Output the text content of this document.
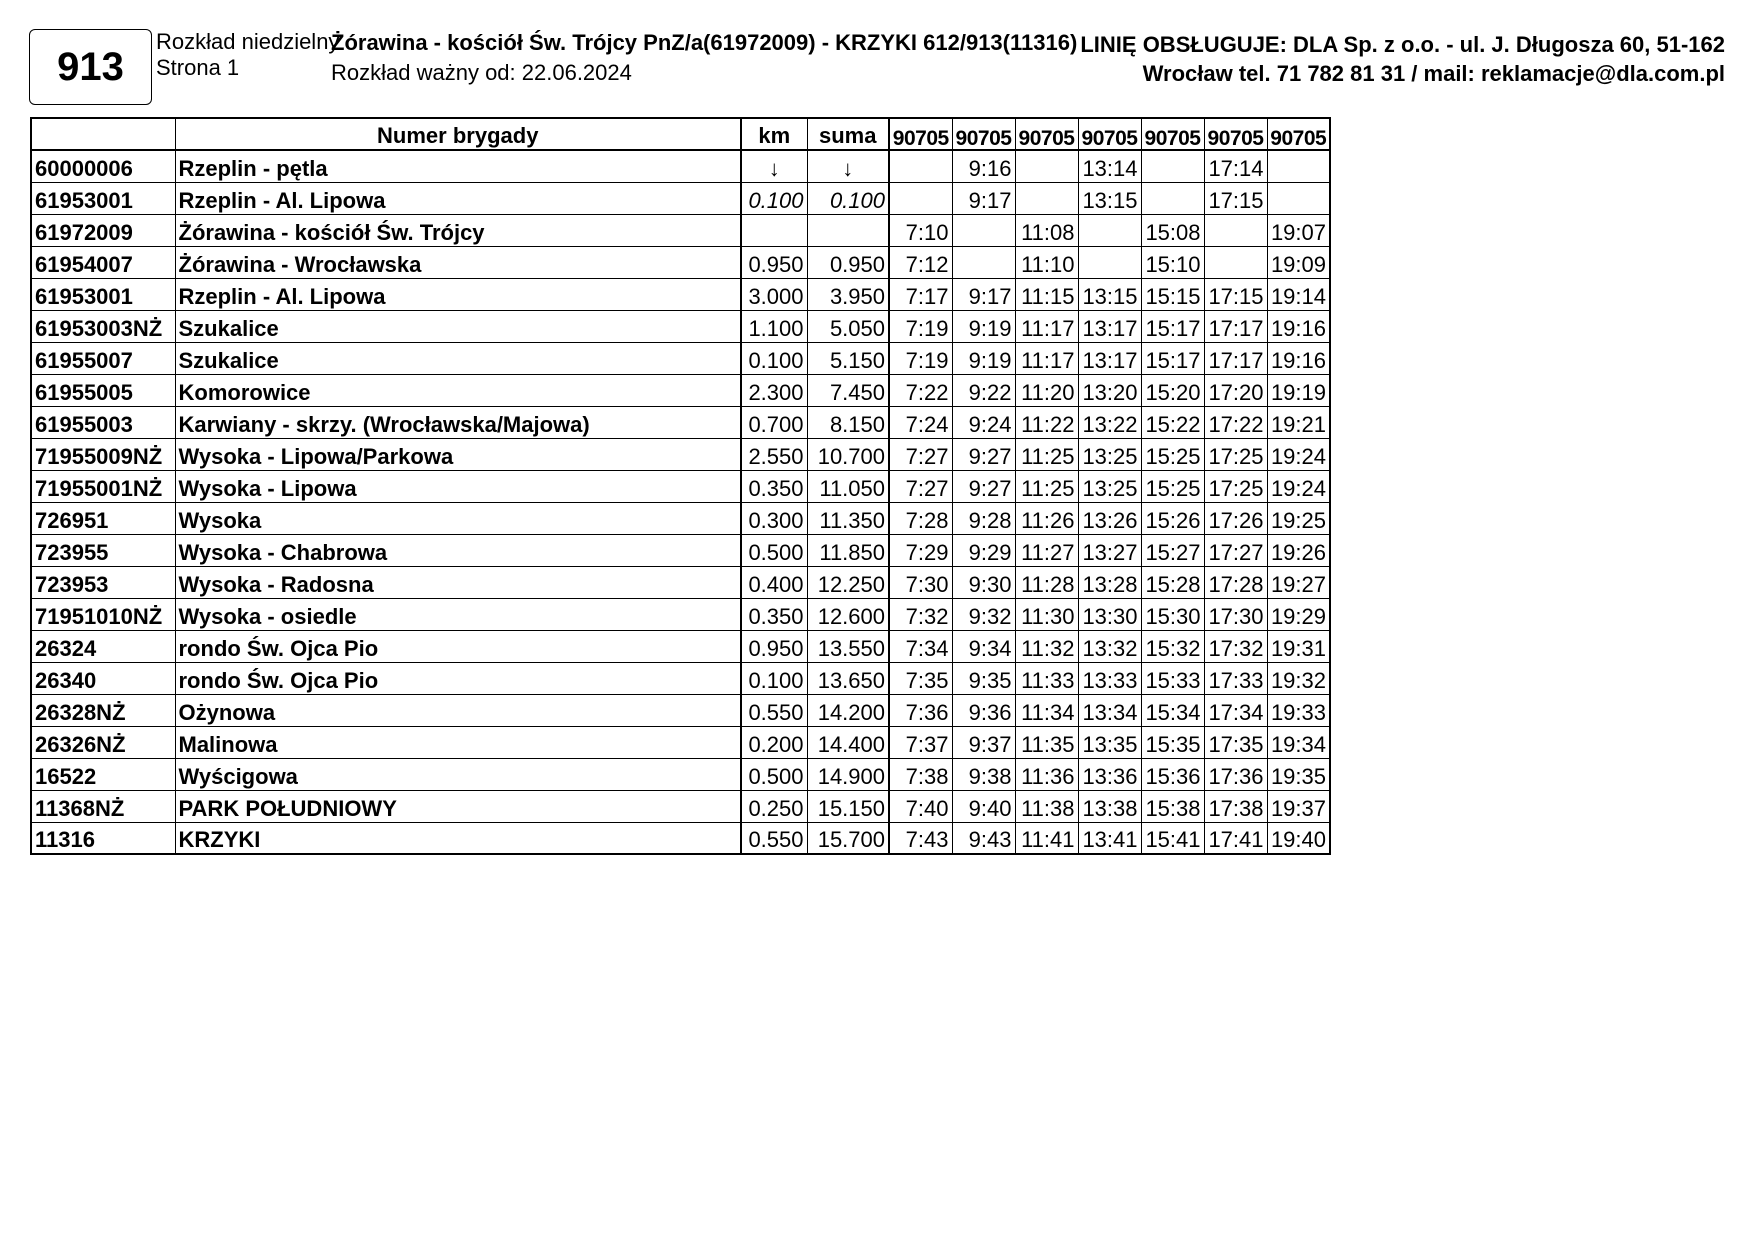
913
Rozkład niedzielny
Strona 1
Żórawina - kościół Św. Trójcy PnZ/a(61972009) - KRZYKI 612/913(11316)
Rozkład ważny od: 22.06.2024
LINIĘ OBSŁUGUJE: DLA Sp. z o.o. - ul. J. Długosza 60, 51-162
Wrocław tel. 71 782 81 31 / mail: reklamacje@dla.com.pl
	Numer brygady	km	suma	90705	90705	90705	90705	90705	90705	90705
60000006	Rzeplin - pętla	↓	↓		9:16		13:14		17:14	
61953001	Rzeplin - Al. Lipowa	0.100	0.100		9:17		13:15		17:15	
61972009	Żórawina - kościół Św. Trójcy			7:10		11:08		15:08		19:07
61954007	Żórawina - Wrocławska	0.950	0.950	7:12		11:10		15:10		19:09
61953001	Rzeplin - Al. Lipowa	3.000	3.950	7:17	9:17	11:15	13:15	15:15	17:15	19:14
61953003NŻ	Szukalice	1.100	5.050	7:19	9:19	11:17	13:17	15:17	17:17	19:16
61955007	Szukalice	0.100	5.150	7:19	9:19	11:17	13:17	15:17	17:17	19:16
61955005	Komorowice	2.300	7.450	7:22	9:22	11:20	13:20	15:20	17:20	19:19
61955003	Karwiany - skrzy. (Wrocławska/Majowa)	0.700	8.150	7:24	9:24	11:22	13:22	15:22	17:22	19:21
71955009NŻ	Wysoka - Lipowa/Parkowa	2.550	10.700	7:27	9:27	11:25	13:25	15:25	17:25	19:24
71955001NŻ	Wysoka - Lipowa	0.350	11.050	7:27	9:27	11:25	13:25	15:25	17:25	19:24
726951	Wysoka	0.300	11.350	7:28	9:28	11:26	13:26	15:26	17:26	19:25
723955	Wysoka - Chabrowa	0.500	11.850	7:29	9:29	11:27	13:27	15:27	17:27	19:26
723953	Wysoka - Radosna	0.400	12.250	7:30	9:30	11:28	13:28	15:28	17:28	19:27
71951010NŻ	Wysoka - osiedle	0.350	12.600	7:32	9:32	11:30	13:30	15:30	17:30	19:29
26324	rondo Św. Ojca Pio	0.950	13.550	7:34	9:34	11:32	13:32	15:32	17:32	19:31
26340	rondo Św. Ojca Pio	0.100	13.650	7:35	9:35	11:33	13:33	15:33	17:33	19:32
26328NŻ	Ożynowa	0.550	14.200	7:36	9:36	11:34	13:34	15:34	17:34	19:33
26326NŻ	Malinowa	0.200	14.400	7:37	9:37	11:35	13:35	15:35	17:35	19:34
16522	Wyścigowa	0.500	14.900	7:38	9:38	11:36	13:36	15:36	17:36	19:35
11368NŻ	PARK POŁUDNIOWY	0.250	15.150	7:40	9:40	11:38	13:38	15:38	17:38	19:37
11316	KRZYKI	0.550	15.700	7:43	9:43	11:41	13:41	15:41	17:41	19:40
